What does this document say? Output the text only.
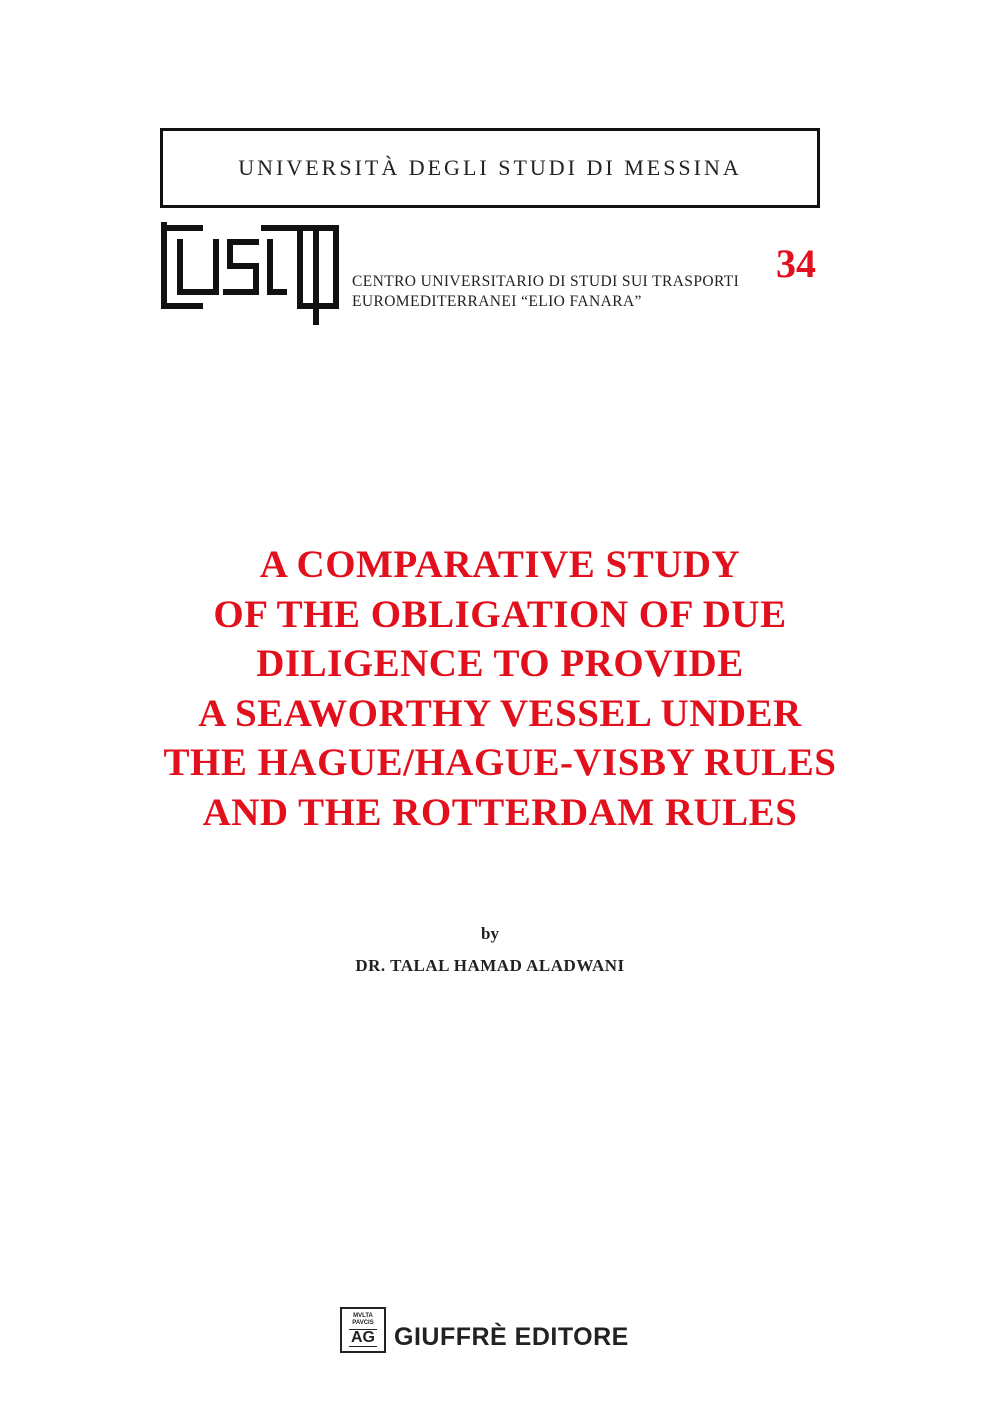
UNIVERSITÀ DEGLI STUDI DI MESSINA
CENTRO UNIVERSITARIO DI STUDI SUI TRASPORTI
EUROMEDITERRANEI “ELIO FANARA”
34
A COMPARATIVE STUDY
OF THE OBLIGATION OF DUE
DILIGENCE TO PROVIDE
A SEAWORTHY VESSEL UNDER
THE HAGUE/HAGUE-VISBY RULES
AND THE ROTTERDAM RULES
by
DR. TALAL HAMAD ALADWANI
MVLTA PAVCIS
AG GIUFFRÈ EDITORE
